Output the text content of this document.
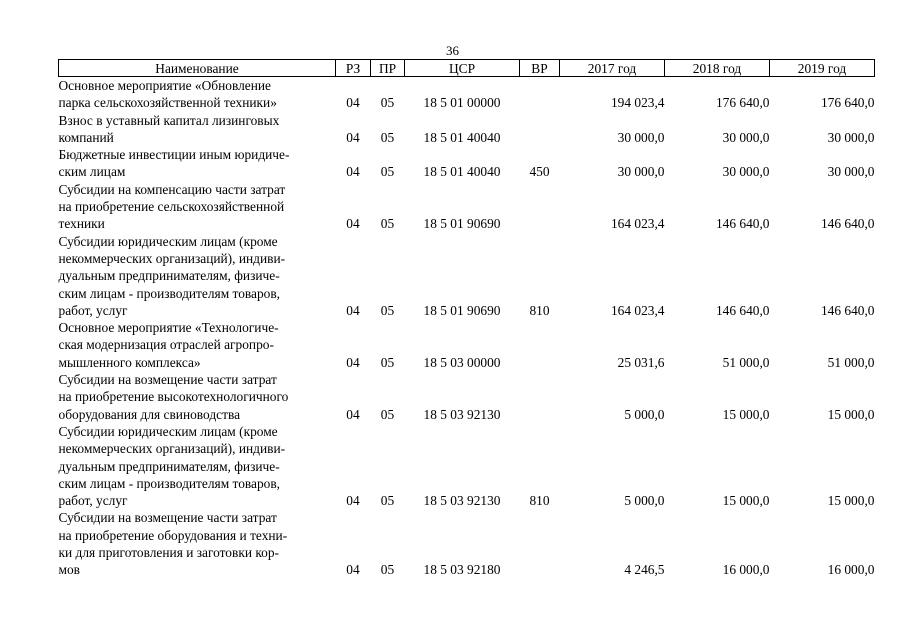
36
Наименование	РЗ	ПР	ЦСР	ВР	2017 год	2018 год	2019 год

Основное мероприятие «Обновление
парка сельскохозяйственной техники»	04	05	18 5 01 00000		194 023,4	176 640,0	176 640,0

Взнос в уставный капитал лизинговых
компаний	04	05	18 5 01 40040		30 000,0	30 000,0	30 000,0

Бюджетные инвестиции иным юридиче-
ским лицам	04	05	18 5 01 40040	450	30 000,0	30 000,0	30 000,0

Субсидии на компенсацию части затрат
на приобретение сельскохозяйственной
техники	04	05	18 5 01 90690		164 023,4	146 640,0	146 640,0

Субсидии юридическим лицам (кроме
некоммерческих организаций), индиви-
дуальным предпринимателям, физиче-
ским лицам - производителям товаров,
работ, услуг	04	05	18 5 01 90690	810	164 023,4	146 640,0	146 640,0

Основное мероприятие «Технологиче-
ская модернизация отраслей агропро-
мышленного комплекса»	04	05	18 5 03 00000		25 031,6	51 000,0	51 000,0

Субсидии на возмещение части затрат
на приобретение высокотехнологичного
оборудования для свиноводства	04	05	18 5 03 92130		5 000,0	15 000,0	15 000,0

Субсидии юридическим лицам (кроме
некоммерческих организаций), индиви-
дуальным предпринимателям, физиче-
ским лицам - производителям товаров,
работ, услуг	04	05	18 5 03 92130	810	5 000,0	15 000,0	15 000,0

Субсидии на возмещение части затрат
на приобретение оборудования и техни-
ки для приготовления и заготовки кор-
мов	04	05	18 5 03 92180		4 246,5	16 000,0	16 000,0
